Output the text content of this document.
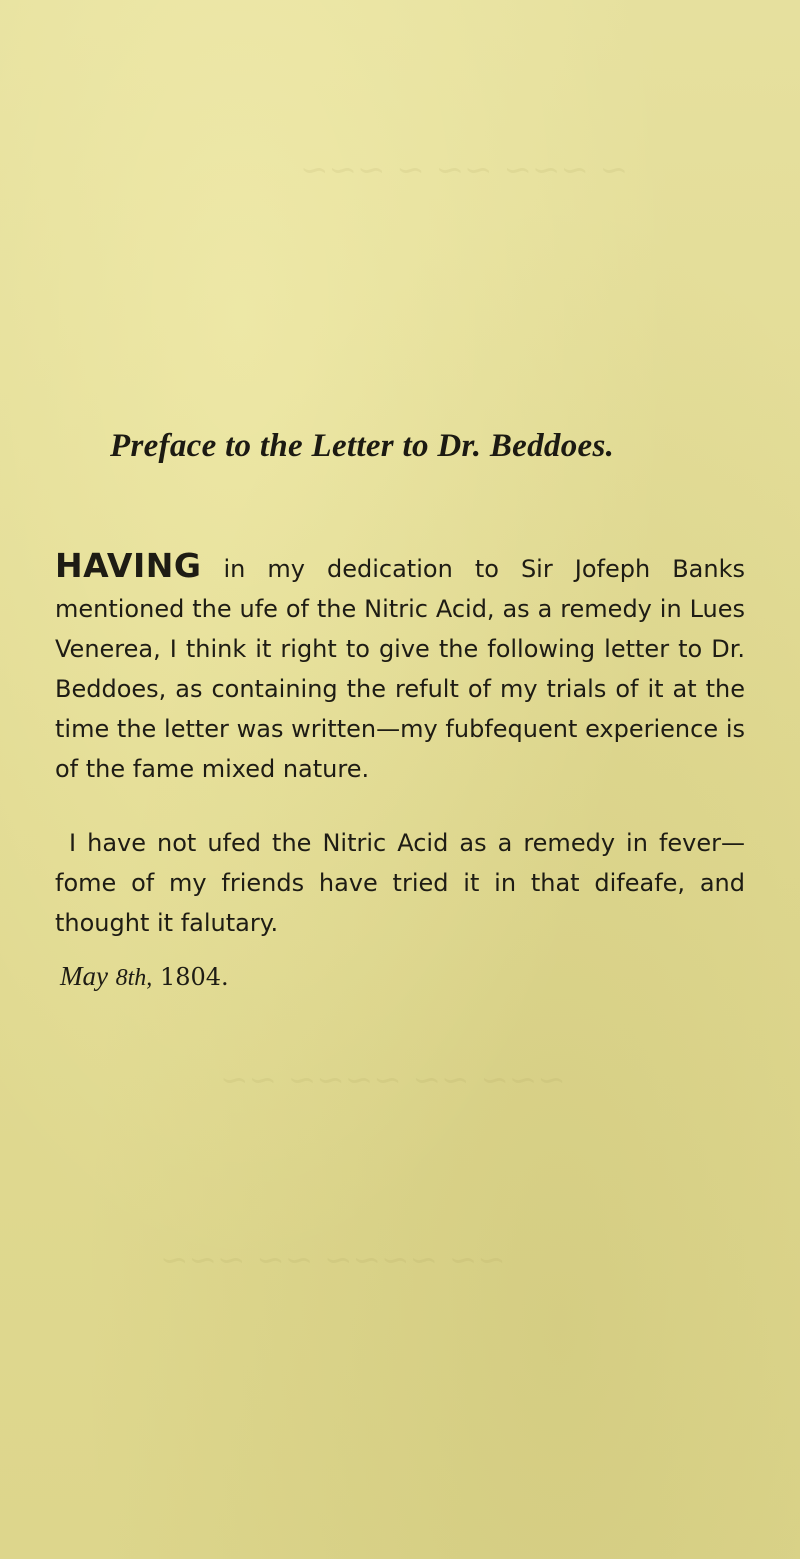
~ ~~~ ~~ ~ ~~~
~~~ ~~ ~~~~ ~~
~~ ~~~~ ~~ ~~~
Preface to the Letter to Dr. Beddoes.

HAVING in my dedication to Sir Jofeph Banks mentioned the ufe of the Nitric Acid, as a remedy in Lues Venerea, I think it right to give the following letter to Dr. Beddoes, as containing the refult of my trials of it at the time the letter was written—my fubfequent experience is of the fame mixed nature.

I have not ufed the Nitric Acid as a remedy in fever—fome of my friends have tried it in that difeafe, and thought it falutary.

May 8th, 1804.
